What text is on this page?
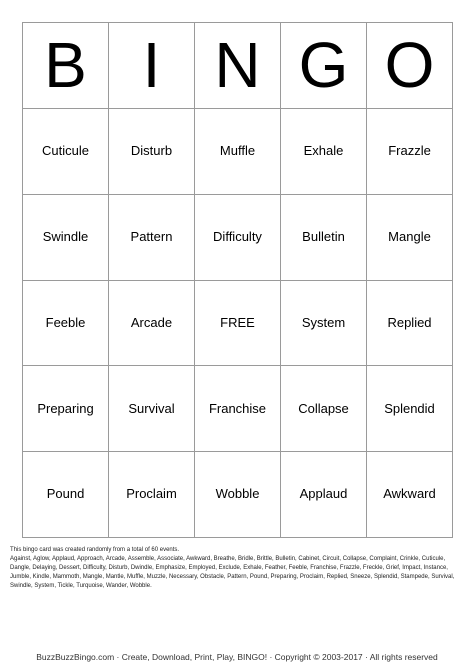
B I N G O
Cuticule	Disturb	Muffle	Exhale	Frazzle
Swindle	Pattern	Difficulty	Bulletin	Mangle
Feeble	Arcade	FREE	System	Replied
Preparing	Survival	Franchise	Collapse	Splendid
Pound	Proclaim	Wobble	Applaud	Awkward

This bingo card was created randomly from a total of 60 events.

Against, Aglow, Applaud, Approach, Arcade, Assemble, Associate, Awkward, Breathe, Bridle, Brittle, Bulletin, Cabinet, Circuit, Collapse, Complaint, Crinkle, Cuticule, Dangle, Delaying, Dessert, Difficulty, Disturb, Dwindle, Emphasize, Employed, Exclude, Exhale, Feather, Feeble, Franchise, Frazzle, Freckle, Grief, Impact, Instance, Jumble, Kindle, Mammoth, Mangle, Mantle, Muffle, Muzzle, Necessary, Obstacle, Pattern, Pound, Preparing, Proclaim, Replied, Sneeze, Splendid, Stampede, Survival, Swindle, System, Tickle, Turquoise, Wander, Wobble.

BuzzBuzzBingo.com · Create, Download, Print, Play, BINGO! · Copyright © 2003-2017 · All rights reserved
